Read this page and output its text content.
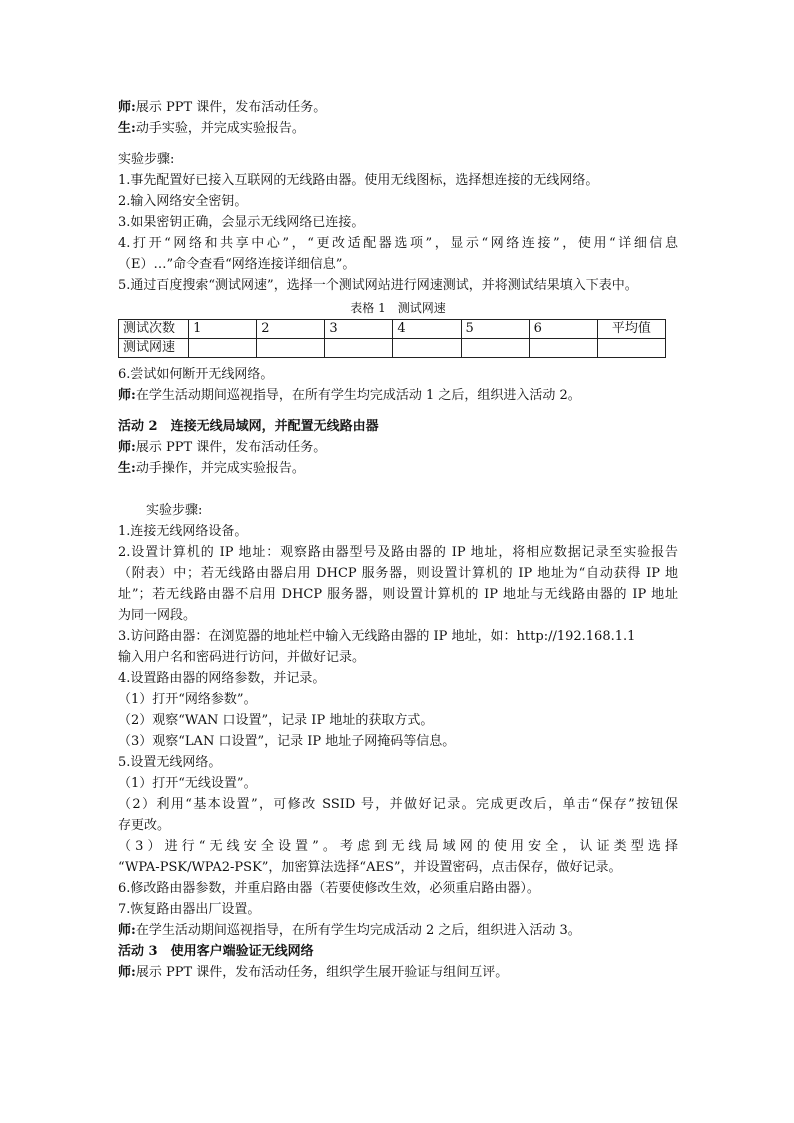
师:展示 PPT 课件，发布活动任务。
生:动手实验，并完成实验报告。
实验步骤:
1.事先配置好已接入互联网的无线路由器。使用无线图标，选择想连接的无线网络。
2.输入网络安全密钥。
3.如果密钥正确，会显示无线网络已连接。
4.打开“网络和共享中心”，“更改适配器选项”，显示“网络连接”，使用“详细信息
（E）…”命令查看“网络连接详细信息”。
5.通过百度搜索“测试网速”，选择一个测试网站进行网速测试，并将测试结果填入下表中。
表格 1　测试网速
测试次数	1	2	3	4	5	6	平均值
测试网速							
6.尝试如何断开无线网络。
师:在学生活动期间巡视指导，在所有学生均完成活动 1 之后，组织进入活动 2。
活动 2　连接无线局域网，并配置无线路由器
师:展示 PPT 课件，发布活动任务。
生:动手操作，并完成实验报告。
实验步骤:
1.连接无线网络设备。
2.设置计算机的 IP 地址：观察路由器型号及路由器的 IP 地址，将相应数据记录至实验报告
（附表）中；若无线路由器启用 DHCP 服务器，则设置计算机的 IP 地址为“自动获得 IP 地
址”；若无线路由器不启用 DHCP 服务器，则设置计算机的 IP 地址与无线路由器的 IP 地址
为同一网段。
3.访问路由器：在浏览器的地址栏中输入无线路由器的 IP 地址，如：http://192.168.1.1
输入用户名和密码进行访问，并做好记录。
4.设置路由器的网络参数，并记录。
（1）打开“网络参数”。
（2）观察“WAN 口设置”，记录 IP 地址的获取方式。
（3）观察“LAN 口设置”，记录 IP 地址子网掩码等信息。
5.设置无线网络。
（1）打开“无线设置”。
（2）利用“基本设置”，可修改 SSID 号，并做好记录。完成更改后，单击“保存”按钮保
存更改。
（3）进行“无线安全设置”。考虑到无线局域网的使用安全，认证类型选择
“WPA-PSK/WPA2-PSK”，加密算法选择“AES”，并设置密码，点击保存，做好记录。
6.修改路由器参数，并重启路由器（若要使修改生效，必须重启路由器）。
7.恢复路由器出厂设置。
师:在学生活动期间巡视指导，在所有学生均完成活动 2 之后，组织进入活动 3。
活动 3　使用客户端验证无线网络
师:展示 PPT 课件，发布活动任务，组织学生展开验证与组间互评。
